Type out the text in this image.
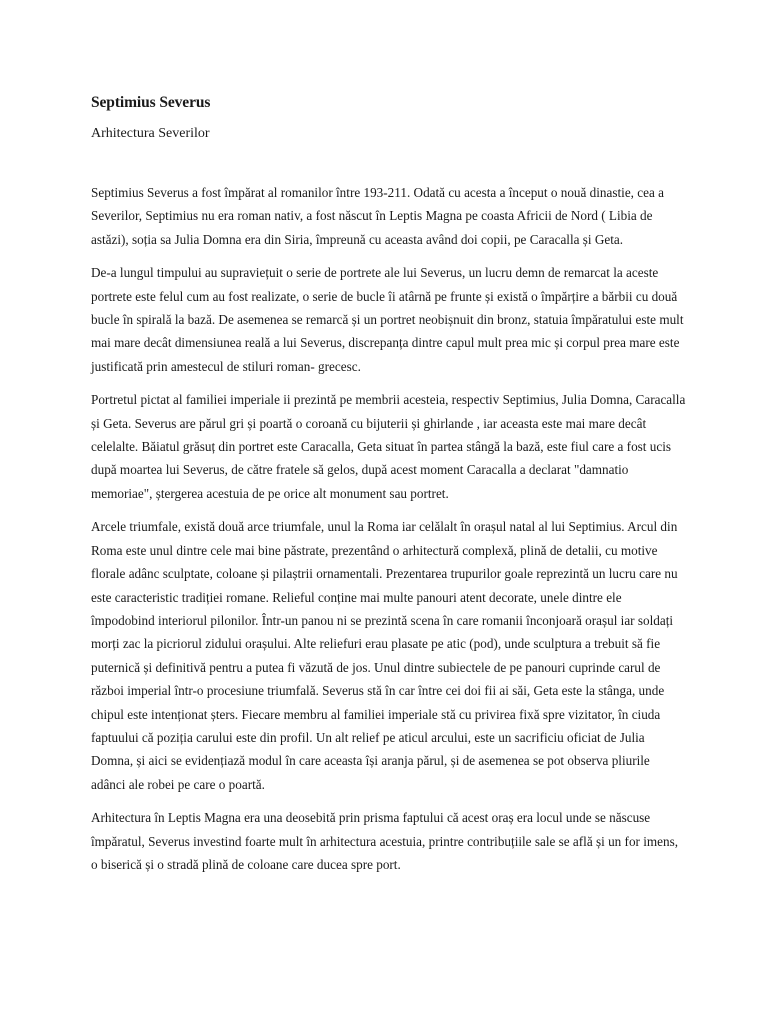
Septimius Severus
Arhitectura Severilor

Septimius Severus a fost împărat al romanilor între 193-211. Odată cu acesta a început o nouă dinastie, cea a Severilor, Septimius nu era roman nativ, a fost născut în Leptis Magna pe coasta Africii de Nord ( Libia de astăzi), soția sa Julia Domna era din Siria, împreună cu aceasta având doi copii, pe Caracalla și Geta.

De-a lungul timpului au supraviețuit o serie de portrete ale lui Severus, un lucru demn de remarcat la aceste portrete este felul cum au fost realizate, o serie de bucle îi atârnă pe frunte și există o împărțire a bărbii cu două bucle în spirală la bază. De asemenea se remarcă și un portret neobișnuit din bronz, statuia împăratului este mult mai mare decât dimensiunea reală a lui Severus, discrepanța dintre capul mult prea mic și corpul prea mare este justificată prin amestecul de stiluri roman- grecesc.

Portretul pictat al familiei imperiale ii prezintă pe membrii acesteia, respectiv Septimius, Julia Domna, Caracalla și Geta. Severus are părul gri și poartă o coroană cu bijuterii și ghirlande , iar aceasta este mai mare decât celelalte. Băiatul grăsuț din portret este Caracalla, Geta situat în partea stângă la bază, este fiul care a fost ucis după moartea lui Severus, de către fratele să gelos, după acest moment Caracalla a declarat "damnatio memoriae", ștergerea acestuia de pe orice alt monument sau portret.

Arcele triumfale, există două arce triumfale, unul la Roma iar celălalt în orașul natal al lui Septimius. Arcul din Roma este unul dintre cele mai bine păstrate, prezentând o arhitectură complexă, plină de detalii, cu motive florale adânc sculptate, coloane și pilaștrii ornamentali. Prezentarea trupurilor goale reprezintă un lucru care nu este caracteristic tradiției romane. Relieful conține mai multe panouri atent decorate, unele dintre ele împodobind interiorul pilonilor. Într-un panou ni se prezintă scena în care romanii înconjoară orașul iar soldați morți zac la picriorul zidului orașului. Alte reliefuri erau plasate pe atic (pod), unde sculptura a trebuit să fie puternică și definitivă pentru a putea fi văzută de jos. Unul dintre subiectele de pe panouri cuprinde carul de război imperial într-o procesiune triumfală. Severus stă în car între cei doi fii ai săi, Geta este la stânga, unde chipul este intenționat șters. Fiecare membru al familiei imperiale stă cu privirea fixă spre vizitator, în ciuda faptuului că poziția carului este din profil. Un alt relief pe aticul arcului, este un sacrificiu oficiat de Julia Domna, și aici se evidențiază modul în care aceasta își aranja părul, și de asemenea se pot observa pliurile adânci ale robei pe care o poartă.

Arhitectura în Leptis Magna era una deosebită prin prisma faptului că acest oraș era locul unde se născuse împăratul, Severus investind foarte mult în arhitectura acestuia, printre contribuțiile sale se află și un for imens, o biserică și o stradă plină de coloane care ducea spre port.
